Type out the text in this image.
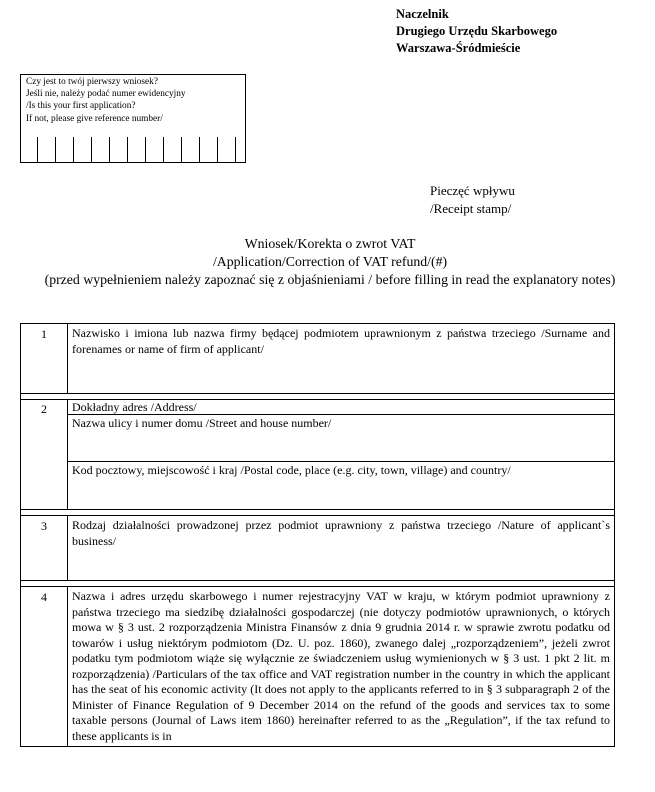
Naczelnik
Drugiego Urzędu Skarbowego
Warszawa-Śródmieście
Czy jest to twój pierwszy wniosek?
Jeśli nie, należy podać numer ewidencyjny
/Is this your first application?
If not, please give reference number/
Pieczęć wpływu
/Receipt stamp/
Wniosek/Korekta o zwrot VAT
/Application/Correction of VAT refund/(#)
(przed wypełnieniem należy zapoznać się z objaśnieniami / before filling in read the explanatory notes)
1	Nazwisko i imiona lub nazwa firmy będącej podmiotem uprawnionym z państwa trzeciego /Surname and forenames or name of firm of applicant/

2	Dokładny adres /Address/
Nazwa ulicy i numer domu /Street and house number/
Kod pocztowy, miejscowość i kraj /Postal code, place (e.g. city, town, village) and country/

3	Rodzaj działalności prowadzonej przez podmiot uprawniony z państwa trzeciego /Nature of applicant`s business/

4	Nazwa i adres urzędu skarbowego i numer rejestracyjny VAT w kraju, w którym podmiot uprawniony z państwa trzeciego ma siedzibę działalności gospodarczej (nie dotyczy podmiotów uprawnionych, o których mowa w § 3 ust. 2 rozporządzenia Ministra Finansów z dnia 9 grudnia 2014 r. w sprawie zwrotu podatku od towarów i usług niektórym podmiotom (Dz. U. poz. 1860), zwanego dalej „rozporządzeniem”, jeżeli zwrot podatku tym podmiotom wiąże się wyłącznie ze świadczeniem usług wymienionych w § 3 ust. 1 pkt 2 lit. m rozporządzenia) /Particulars of the tax office and VAT registration number in the country in which the applicant has the seat of his economic activity (It does not apply to the applicants referred to in § 3 subparagraph 2 of the Minister of Finance Regulation of 9 December 2014 on the refund of the goods and services tax to some taxable persons (Journal of Laws item 1860) hereinafter referred to as the „Regulation”, if the tax refund to these applicants is in
